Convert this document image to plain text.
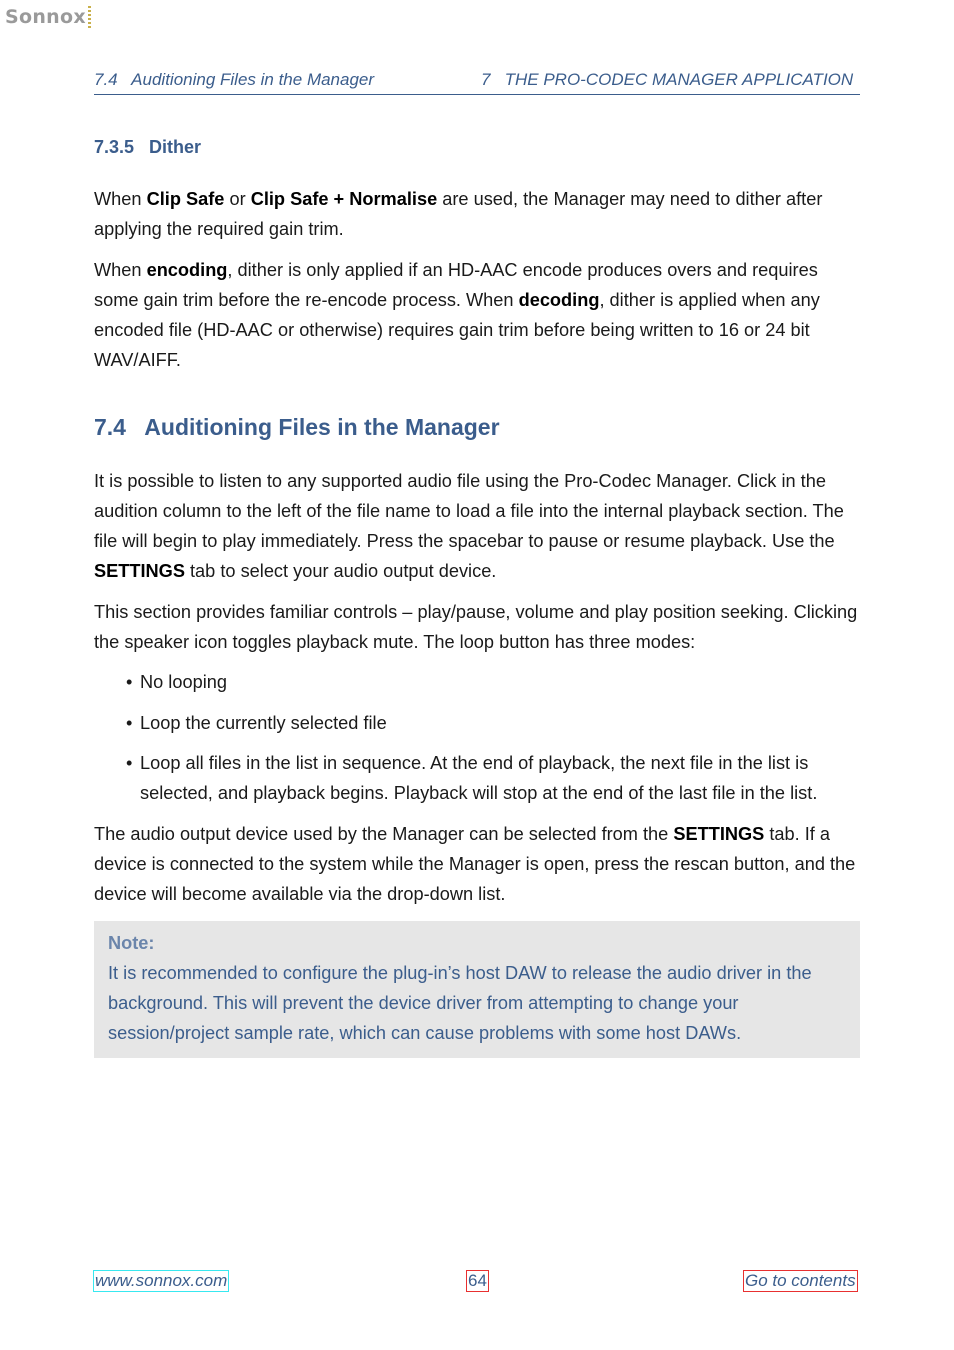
Sonnox
7.4   Auditioning Files in the Manager	7   THE PRO-CODEC MANAGER APPLICATION
7.3.5   Dither
When Clip Safe or Clip Safe + Normalise are used, the Manager may need to dither after applying the required gain trim.
When encoding, dither is only applied if an HD-AAC encode produces overs and requires some gain trim before the re-encode process. When decoding, dither is applied when any encoded file (HD-AAC or otherwise) requires gain trim before being written to 16 or 24 bit WAV/AIFF.
7.4   Auditioning Files in the Manager
It is possible to listen to any supported audio file using the Pro-Codec Manager. Click in the audition column to the left of the file name to load a file into the internal playback section. The file will begin to play immediately. Press the spacebar to pause or resume playback. Use the SETTINGS tab to select your audio output device.
This section provides familiar controls – play/pause, volume and play position seeking. Clicking the speaker icon toggles playback mute. The loop button has three modes:
• No looping
• Loop the currently selected file
• Loop all files in the list in sequence. At the end of playback, the next file in the list is selected, and playback begins. Playback will stop at the end of the last file in the list.
The audio output device used by the Manager can be selected from the SETTINGS tab. If a device is connected to the system while the Manager is open, press the rescan button, and the device will become available via the drop-down list.
Note:
It is recommended to configure the plug-in’s host DAW to release the audio driver in the background. This will prevent the device driver from attempting to change your session/project sample rate, which can cause problems with some host DAWs.
www.sonnox.com	64	Go to contents
